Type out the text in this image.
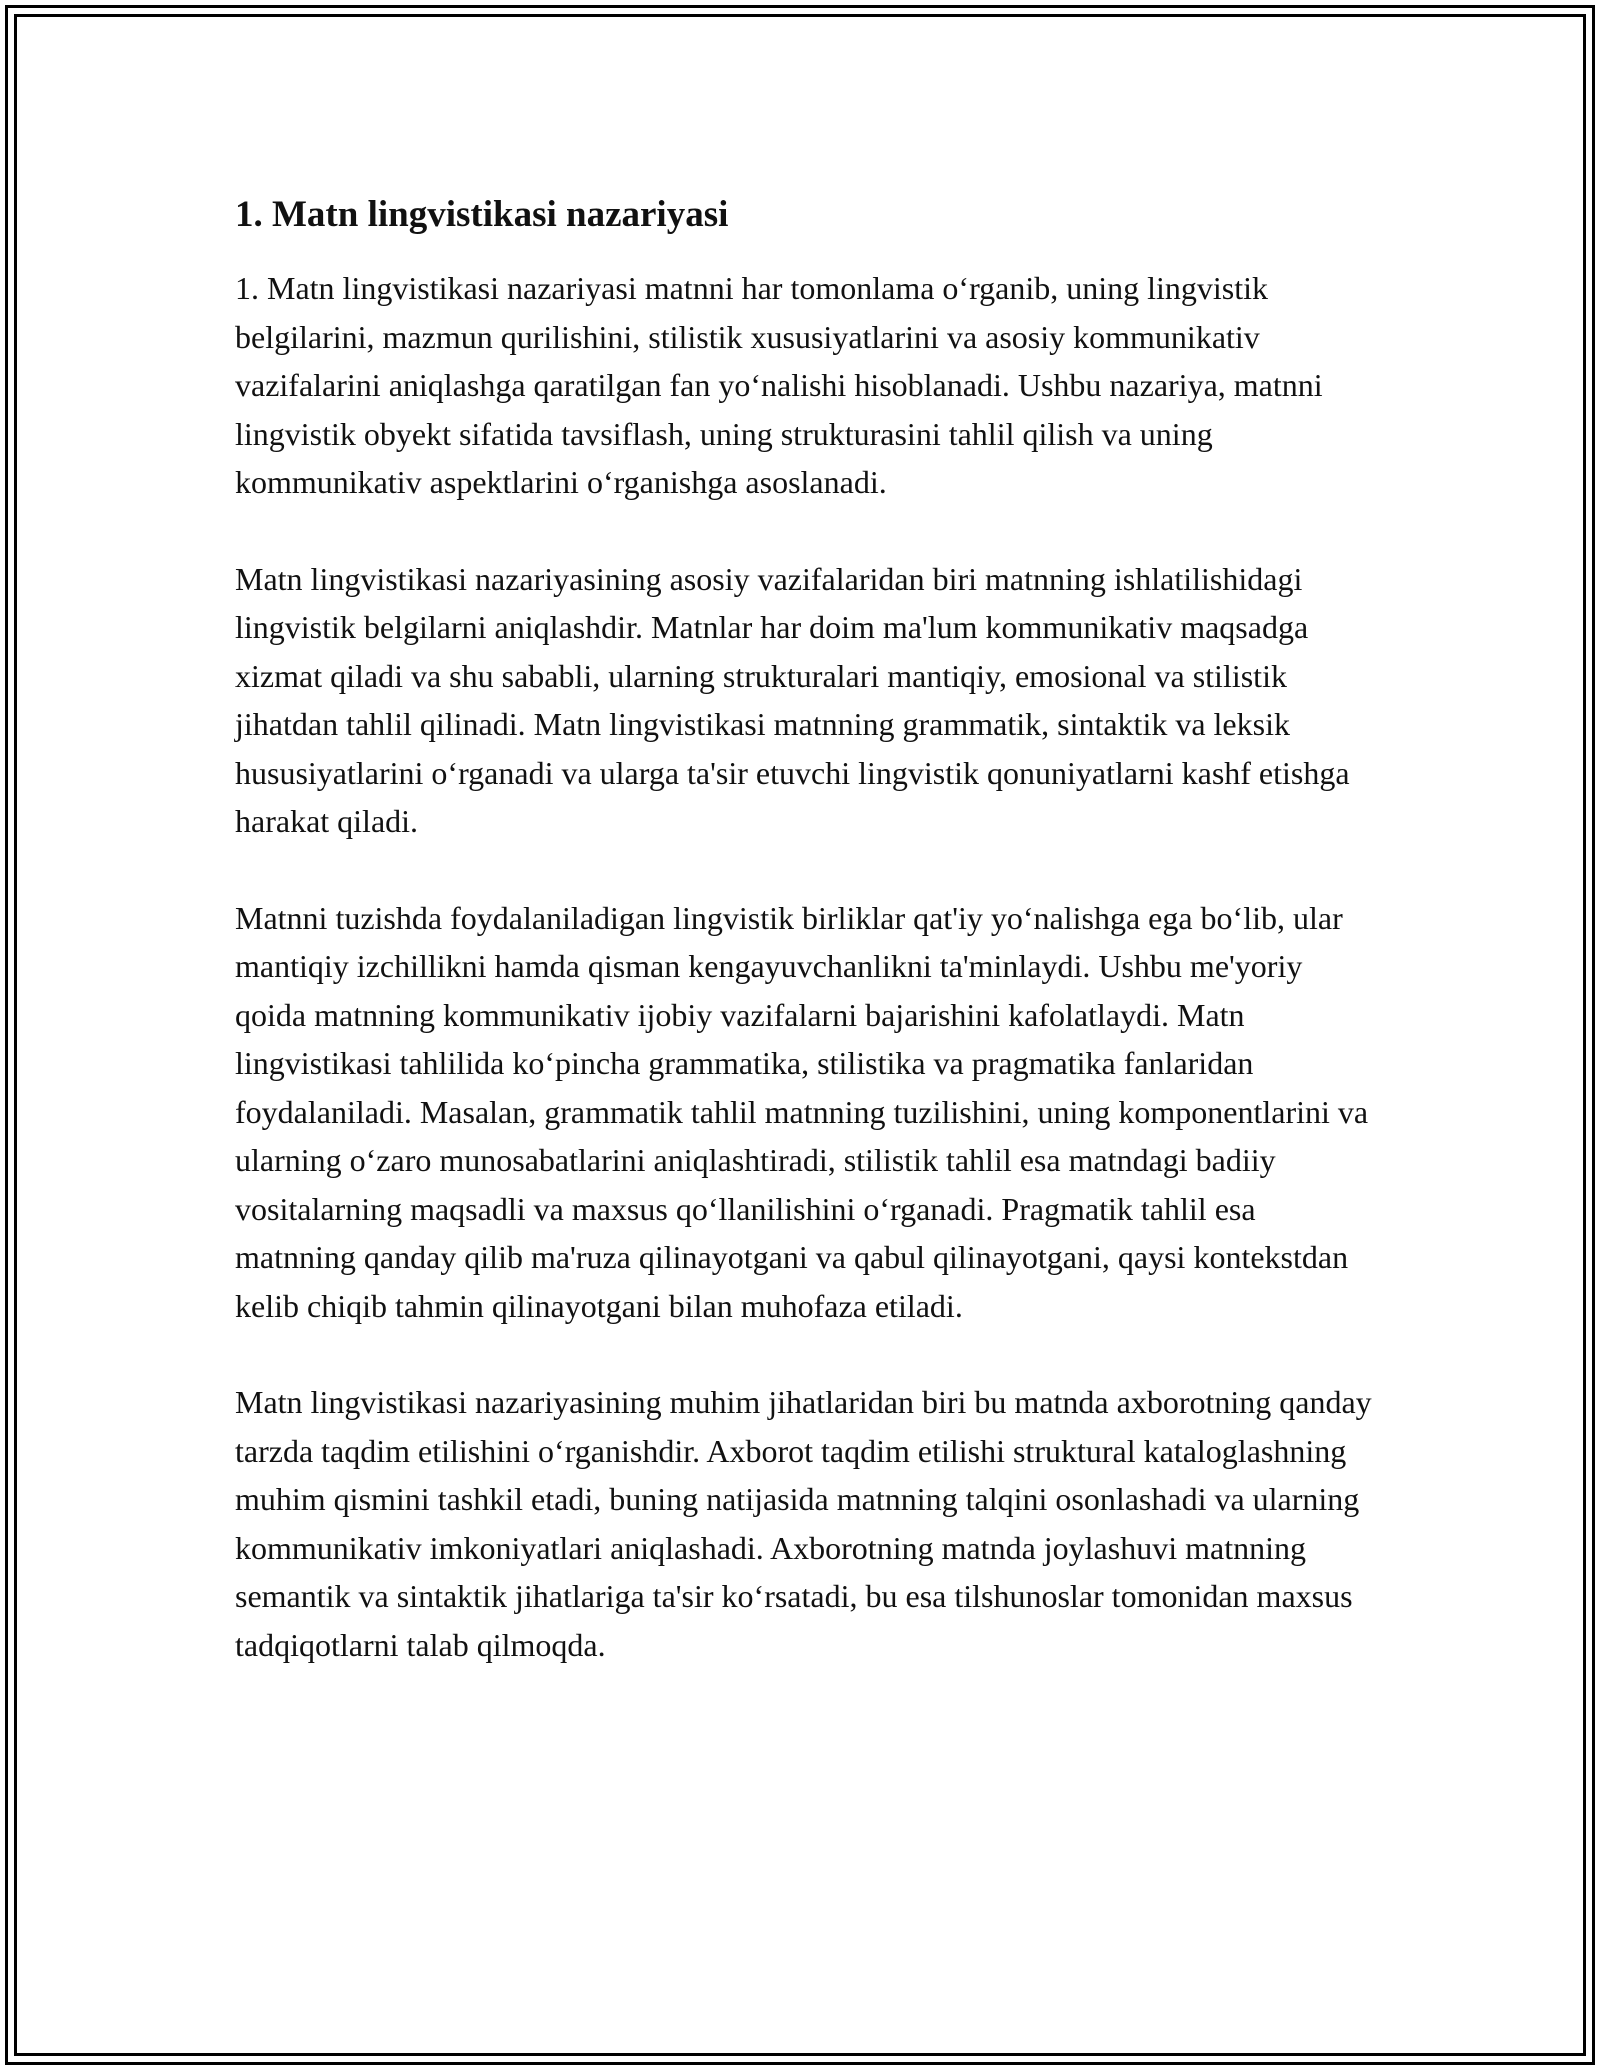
1. Matn lingvistikasi nazariyasi

1. Matn lingvistikasi nazariyasi matnni har tomonlama o‘rganib, uning lingvistik belgilarini, mazmun qurilishini, stilistik xususiyatlarini va asosiy kommunikativ vazifalarini aniqlashga qaratilgan fan yo‘nalishi hisoblanadi. Ushbu nazariya, matnni lingvistik obyekt sifatida tavsiflash, uning strukturasini tahlil qilish va uning kommunikativ aspektlarini o‘rganishga asoslanadi.

Matn lingvistikasi nazariyasining asosiy vazifalaridan biri matnning ishlatilishidagi lingvistik belgilarni aniqlashdir. Matnlar har doim ma'lum kommunikativ maqsadga xizmat qiladi va shu sababli, ularning strukturalari mantiqiy, emosional va stilistik jihatdan tahlil qilinadi. Matn lingvistikasi matnning grammatik, sintaktik va leksik hususiyatlarini o‘rganadi va ularga ta'sir etuvchi lingvistik qonuniyatlarni kashf etishga harakat qiladi.

Matnni tuzishda foydalaniladigan lingvistik birliklar qat'iy yo‘nalishga ega bo‘lib, ular mantiqiy izchillikni hamda qisman kengayuvchanlikni ta'minlaydi. Ushbu me'yoriy qoida matnning kommunikativ ijobiy vazifalarni bajarishini kafolatlaydi. Matn lingvistikasi tahlilida ko‘pincha grammatika, stilistika va pragmatika fanlaridan foydalaniladi. Masalan, grammatik tahlil matnning tuzilishini, uning komponentlarini va ularning o‘zaro munosabatlarini aniqlashtiradi, stilistik tahlil esa matndagi badiiy vositalarning maqsadli va maxsus qo‘llanilishini o‘rganadi. Pragmatik tahlil esa matnning qanday qilib ma'ruza qilinayotgani va qabul qilinayotgani, qaysi kontekstdan kelib chiqib tahmin qilinayotgani bilan muhofaza etiladi.

Matn lingvistikasi nazariyasining muhim jihatlaridan biri bu matnda axborotning qanday tarzda taqdim etilishini o‘rganishdir. Axborot taqdim etilishi struktural kataloglashning muhim qismini tashkil etadi, buning natijasida matnning talqini osonlashadi va ularning kommunikativ imkoniyatlari aniqlashadi. Axborotning matnda joylashuvi matnning semantik va sintaktik jihatlariga ta'sir ko‘rsatadi, bu esa tilshunoslar tomonidan maxsus tadqiqotlarni talab qilmoqda.
